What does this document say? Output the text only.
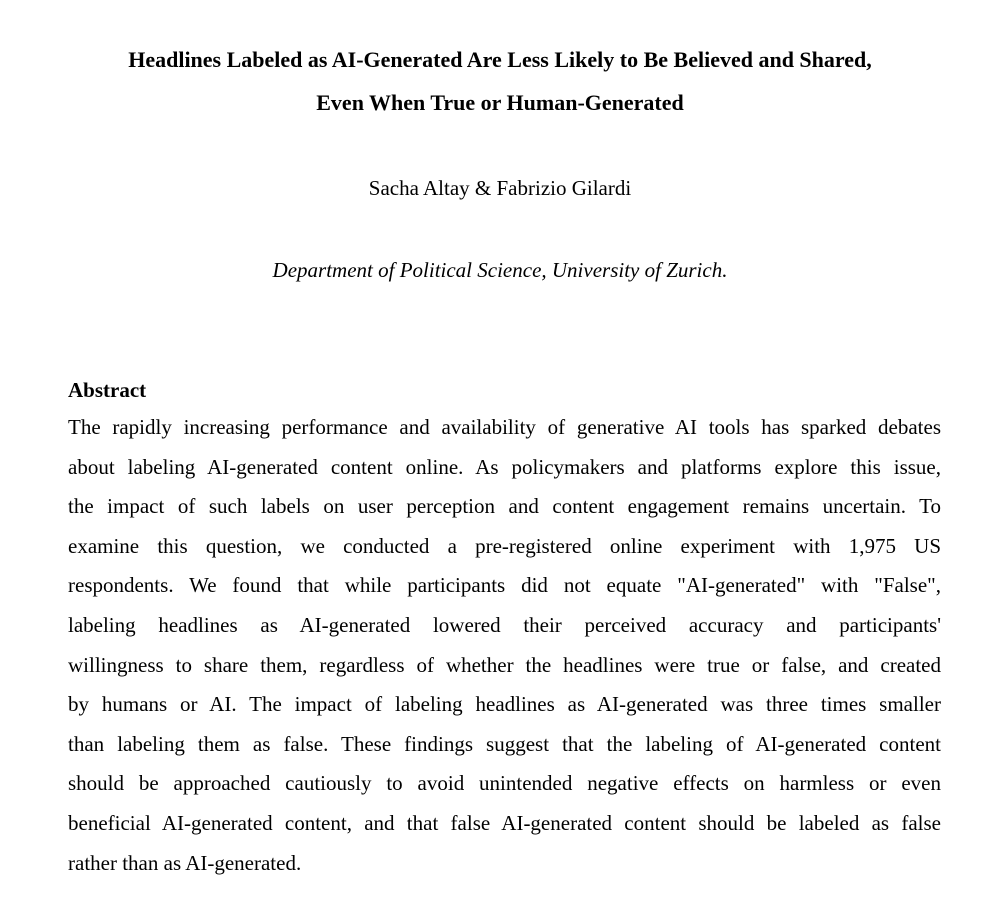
Headlines Labeled as AI-Generated Are Less Likely to Be Believed and Shared,
Even When True or Human-Generated
Sacha Altay & Fabrizio Gilardi
Department of Political Science, University of Zurich.
Abstract
The rapidly increasing performance and availability of generative AI tools has sparked debates
about labeling AI-generated content online. As policymakers and platforms explore this issue,
the impact of such labels on user perception and content engagement remains uncertain. To
examine this question, we conducted a pre-registered online experiment with 1,975 US
respondents. We found that while participants did not equate "AI-generated" with "False",
labeling headlines as AI-generated lowered their perceived accuracy and participants'
willingness to share them, regardless of whether the headlines were true or false, and created
by humans or AI. The impact of labeling headlines as AI-generated was three times smaller
than labeling them as false. These findings suggest that the labeling of AI-generated content
should be approached cautiously to avoid unintended negative effects on harmless or even
beneficial AI-generated content, and that false AI-generated content should be labeled as false
rather than as AI-generated.
